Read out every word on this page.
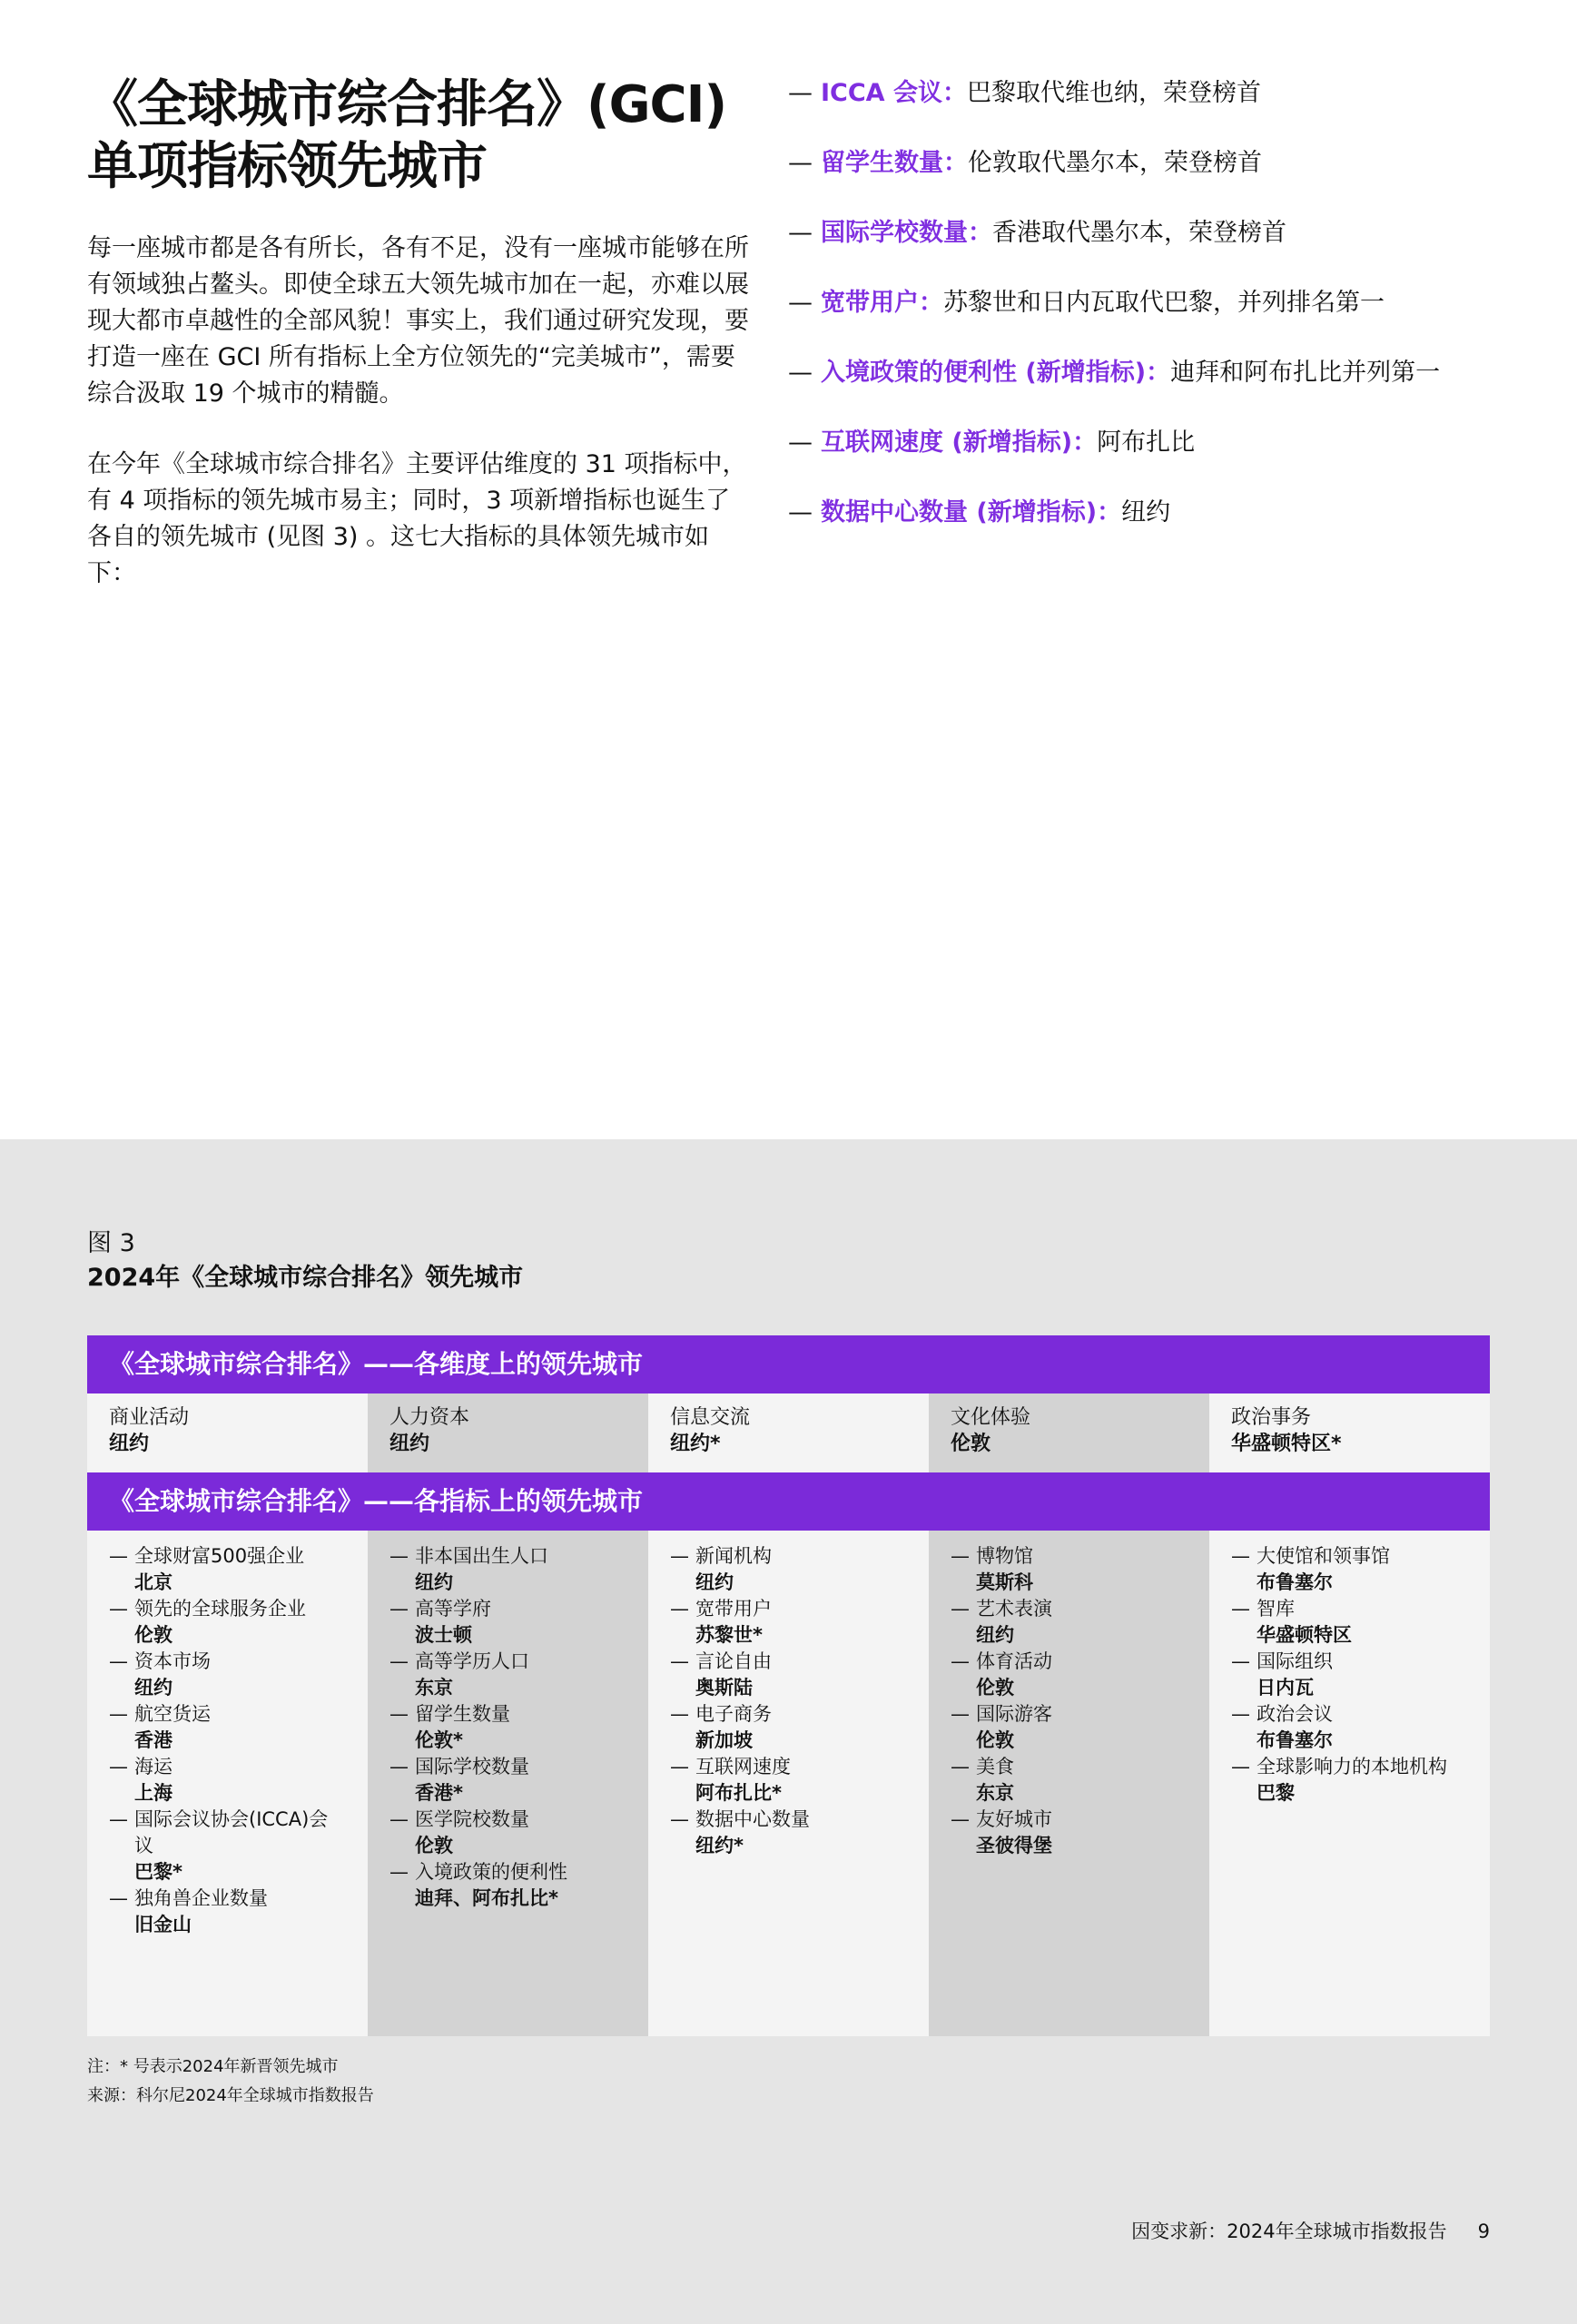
《全球城市综合排名》(GCI)
单项指标领先城市

每一座城市都是各有所长，各有不足，没有一座城市能够在所有领域独占鳌头。即使全球五大领先城市加在一起，亦难以展现大都市卓越性的全部风貌！事实上，我们通过研究发现，要打造一座在 GCI 所有指标上全方位领先的“完美城市”，需要综合汲取 19 个城市的精髓。

在今年《全球城市综合排名》主要评估维度的 31 项指标中，有 4 项指标的领先城市易主；同时，3 项新增指标也诞生了各自的领先城市 (见图 3) 。这七大指标的具体领先城市如下：

— ICCA 会议：巴黎取代维也纳，荣登榜首
— 留学生数量：伦敦取代墨尔本，荣登榜首
— 国际学校数量：香港取代墨尔本，荣登榜首
— 宽带用户：苏黎世和日内瓦取代巴黎，并列排名第一
— 入境政策的便利性 (新增指标)：迪拜和阿布扎比并列第一
— 互联网速度 (新增指标)：阿布扎比
— 数据中心数量 (新增指标)：纽约
图 3
2024年《全球城市综合排名》领先城市
《全球城市综合排名》——各维度上的领先城市
商业活动
纽约
人力资本
纽约
信息交流
纽约*
文化体验
伦敦
政治事务
华盛顿特区*
《全球城市综合排名》——各指标上的领先城市
— 全球财富500强企业
北京
— 领先的全球服务企业
伦敦
— 资本市场
纽约
— 航空货运
香港
— 海运
上海
— 国际会议协会(ICCA)会议
巴黎*
— 独角兽企业数量
旧金山
— 非本国出生人口
纽约
— 高等学府
波士顿
— 高等学历人口
东京
— 留学生数量
伦敦*
— 国际学校数量
香港*
— 医学院校数量
伦敦
— 入境政策的便利性
迪拜、阿布扎比*
— 新闻机构
纽约
— 宽带用户
苏黎世*
— 言论自由
奥斯陆
— 电子商务
新加坡
— 互联网速度
阿布扎比*
— 数据中心数量
纽约*
— 博物馆
莫斯科
— 艺术表演
纽约
— 体育活动
伦敦
— 国际游客
伦敦
— 美食
东京
— 友好城市
圣彼得堡
— 大使馆和领事馆
布鲁塞尔
— 智库
华盛顿特区
— 国际组织
日内瓦
— 政治会议
布鲁塞尔
— 全球影响力的本地机构
巴黎
注：* 号表示2024年新晋领先城市
来源：科尔尼2024年全球城市指数报告
因变求新：2024年全球城市指数报告 9
